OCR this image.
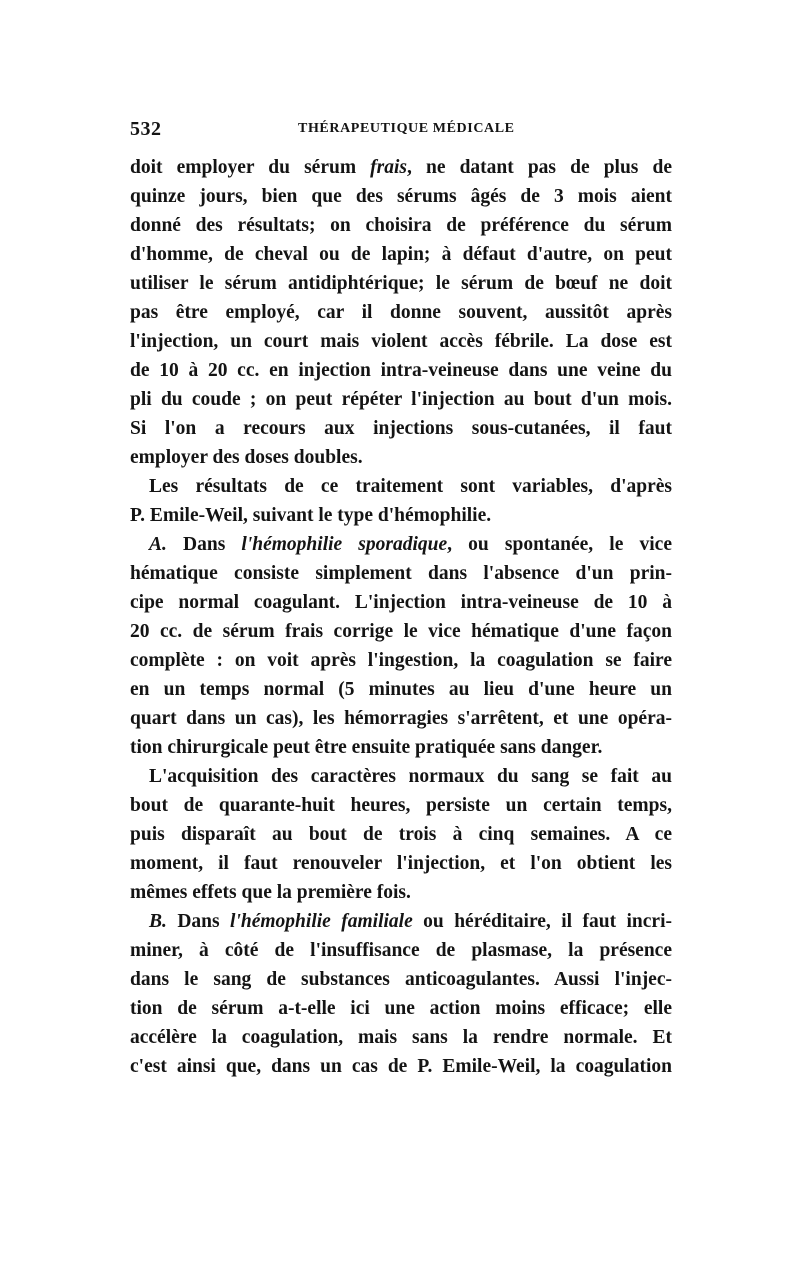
532	THÉRAPEUTIQUE MÉDICALE
doit employer du sérum frais, ne datant pas de plus de
quinze jours, bien que des sérums âgés de 3 mois aient
donné des résultats; on choisira de préférence du sérum
d'homme, de cheval ou de lapin; à défaut d'autre, on peut
utiliser le sérum antidiphtérique; le sérum de bœuf ne doit
pas être employé, car il donne souvent, aussitôt après
l'injection, un court mais violent accès fébrile. La dose est
de 10 à 20 cc. en injection intra-veineuse dans une veine du
pli du coude ; on peut répéter l'injection au bout d'un mois.
Si l'on a recours aux injections sous-cutanées, il faut
employer des doses doubles.
Les résultats de ce traitement sont variables, d'après
P. Emile-Weil, suivant le type d'hémophilie.
A. Dans l'hémophilie sporadique, ou spontanée, le vice
hématique consiste simplement dans l'absence d'un prin-
cipe normal coagulant. L'injection intra-veineuse de 10 à
20 cc. de sérum frais corrige le vice hématique d'une façon
complète : on voit après l'ingestion, la coagulation se faire
en un temps normal (5 minutes au lieu d'une heure un
quart dans un cas), les hémorragies s'arrêtent, et une opéra-
tion chirurgicale peut être ensuite pratiquée sans danger.
L'acquisition des caractères normaux du sang se fait au
bout de quarante-huit heures, persiste un certain temps,
puis disparaît au bout de trois à cinq semaines. A ce
moment, il faut renouveler l'injection, et l'on obtient les
mêmes effets que la première fois.
B. Dans l'hémophilie familiale ou héréditaire, il faut incri-
miner, à côté de l'insuffisance de plasmase, la présence
dans le sang de substances anticoagulantes. Aussi l'injec-
tion de sérum a-t-elle ici une action moins efficace; elle
accélère la coagulation, mais sans la rendre normale. Et
c'est ainsi que, dans un cas de P. Emile-Weil, la coagulation
